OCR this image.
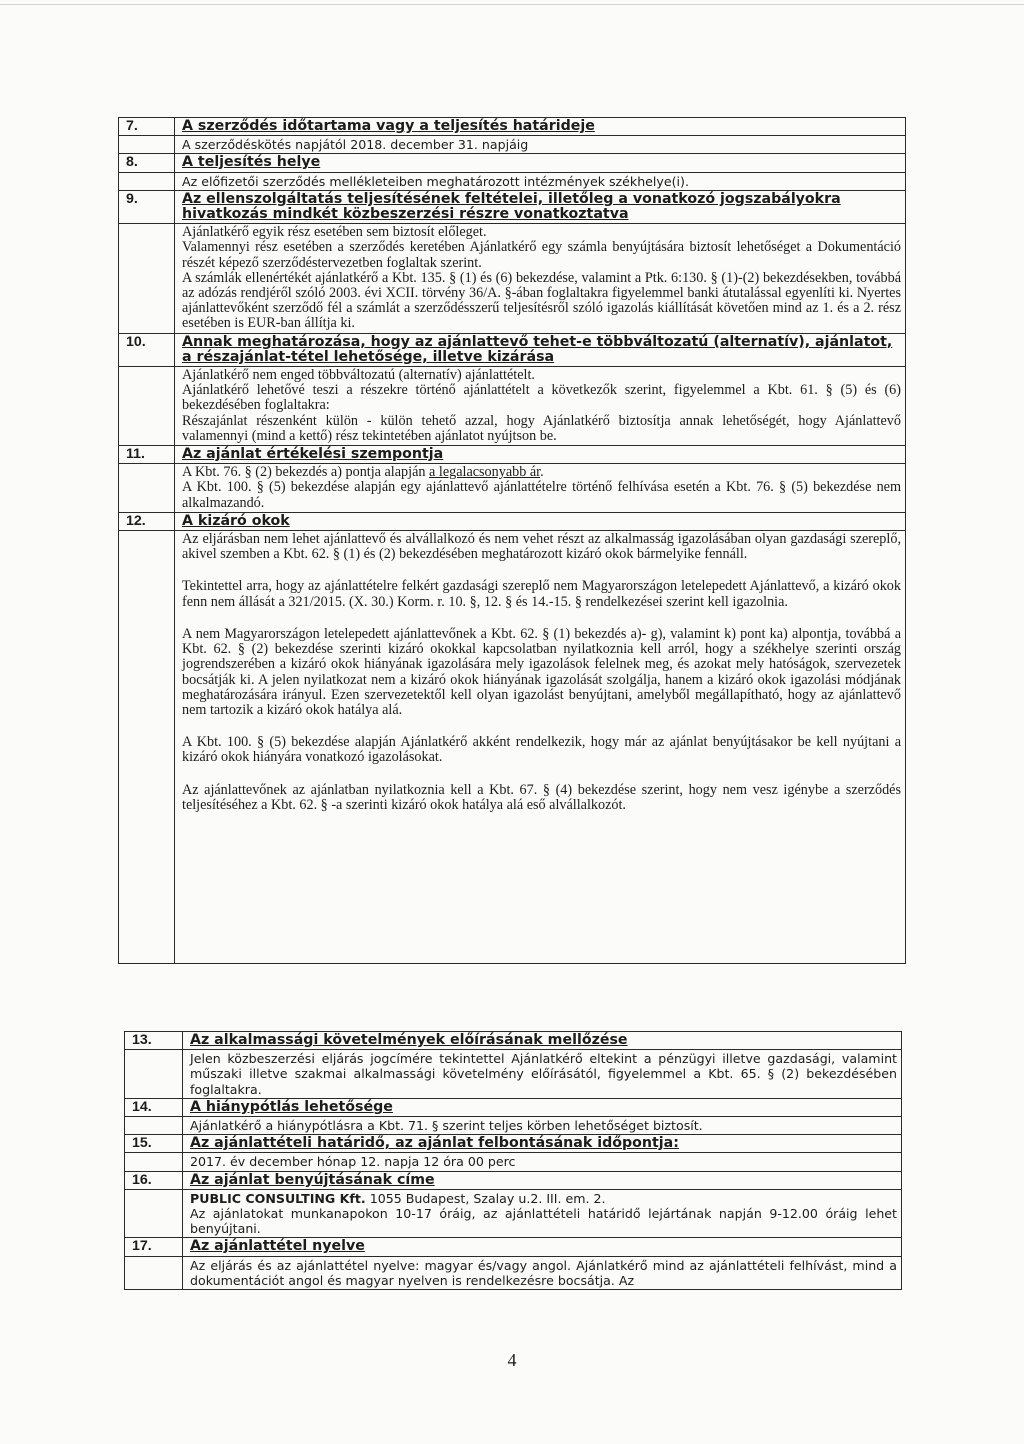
7.	A szerződés időtartama vagy a teljesítés határideje

	A szerződéskötés napjától 2018. december 31. napjáig

8.	A teljesítés helye

	Az előfizetői szerződés mellékleteiben meghatározott intézmények székhelye(i).

9.	Az ellenszolgáltatás teljesítésének feltételei, illetőleg a vonatkozó jogszabályokra hivatkozás mindkét közbeszerzési részre vonatkoztatva

	Ajánlatkérő egyik rész esetében sem biztosít előleget.

Valamennyi rész esetében a szerződés keretében Ajánlatkérő egy számla benyújtására biztosít lehetőséget a Dokumentáció részét képező szerződéstervezetben foglaltak szerint.

A számlák ellenértékét ajánlatkérő a Kbt. 135. § (1) és (6) bekezdése, valamint a Ptk. 6:130. § (1)-(2) bekezdésekben, továbbá az adózás rendjéről szóló 2003. évi XCII. törvény 36/A. §-ában foglaltakra figyelemmel banki átutalással egyenlíti ki. Nyertes ajánlattevőként szerződő fél a számlát a szerződésszerű teljesítésről szóló igazolás kiállítását követően mind az 1. és a 2. rész esetében is EUR-ban állítja ki.

10.	Annak meghatározása, hogy az ajánlattevő tehet-e többváltozatú (alternatív), ajánlatot, a részajánlat-tétel lehetősége, illetve kizárása

	Ajánlatkérő nem enged többváltozatú (alternatív) ajánlattételt.

Ajánlatkérő lehetővé teszi a részekre történő ajánlattételt a következők szerint, figyelemmel a Kbt. 61. § (5) és (6) bekezdésében foglaltakra:

Részajánlat részenként külön - külön tehető azzal, hogy Ajánlatkérő biztosítja annak lehetőségét, hogy Ajánlattevő valamennyi (mind a kettő) rész tekintetében ajánlatot nyújtson be.

11.	Az ajánlat értékelési szempontja

	A Kbt. 76. § (2) bekezdés a) pontja alapján a legalacsonyabb ár.

A Kbt. 100. § (5) bekezdése alapján egy ajánlattevő ajánlattételre történő felhívása esetén a Kbt. 76. § (5) bekezdése nem alkalmazandó.

12.	A kizáró okok

	Az eljárásban nem lehet ajánlattevő és alvállalkozó és nem vehet részt az alkalmasság igazolásában olyan gazdasági szereplő, akivel szemben a Kbt. 62. § (1) és (2) bekezdésében meghatározott kizáró okok bármelyike fennáll.

Tekintettel arra, hogy az ajánlattételre felkért gazdasági szereplő nem Magyarországon letelepedett Ajánlattevő, a kizáró okok fenn nem állását a 321/2015. (X. 30.) Korm. r. 10. §, 12. § és 14.-15. § rendelkezései szerint kell igazolnia.

A nem Magyarországon letelepedett ajánlattevőnek a Kbt. 62. § (1) bekezdés a)- g), valamint k) pont ka) alpontja, továbbá a Kbt. 62. § (2) bekezdése szerinti kizáró okokkal kapcsolatban nyilatkoznia kell arról, hogy a székhelye szerinti ország jogrendszerében a kizáró okok hiányának igazolására mely igazolások felelnek meg, és azokat mely hatóságok, szervezetek bocsátják ki. A jelen nyilatkozat nem a kizáró okok hiányának igazolását szolgálja, hanem a kizáró okok igazolási módjának meghatározására irányul. Ezen szervezetektől kell olyan igazolást benyújtani, amelyből megállapítható, hogy az ajánlattevő nem tartozik a kizáró okok hatálya alá.

A Kbt. 100. § (5) bekezdése alapján Ajánlatkérő akként rendelkezik, hogy már az ajánlat benyújtásakor be kell nyújtani a kizáró okok hiányára vonatkozó igazolásokat.

Az ajánlattevőnek az ajánlatban nyilatkoznia kell a Kbt. 67. § (4) bekezdése szerint, hogy nem vesz igénybe a szerződés teljesítéséhez a Kbt. 62. § -a szerinti kizáró okok hatálya alá eső alvállalkozót.

13.	Az alkalmassági követelmények előírásának mellőzése

	Jelen közbeszerzési eljárás jogcímére tekintettel Ajánlatkérő eltekint a pénzügyi illetve gazdasági, valamint műszaki illetve szakmai alkalmassági követelmény előírásától, figyelemmel a Kbt. 65. § (2) bekezdésében foglaltakra.

14.	A hiánypótlás lehetősége

	Ajánlatkérő a hiánypótlásra a Kbt. 71. § szerint teljes körben lehetőséget biztosít.

15.	Az ajánlattételi határidő, az ajánlat felbontásának időpontja:

	2017. év december hónap 12. napja 12 óra 00 perc

16.	Az ajánlat benyújtásának címe

	PUBLIC CONSULTING Kft. 1055 Budapest, Szalay u.2. III. em. 2.

Az ajánlatokat munkanapokon 10-17 óráig, az ajánlattételi határidő lejártának napján 9-12.00 óráig lehet benyújtani.

17.	Az ajánlattétel nyelve

	Az eljárás és az ajánlattétel nyelve: magyar és/vagy angol. Ajánlatkérő mind az ajánlattételi felhívást, mind a dokumentációt angol és magyar nyelven is rendelkezésre bocsátja. Az

4
